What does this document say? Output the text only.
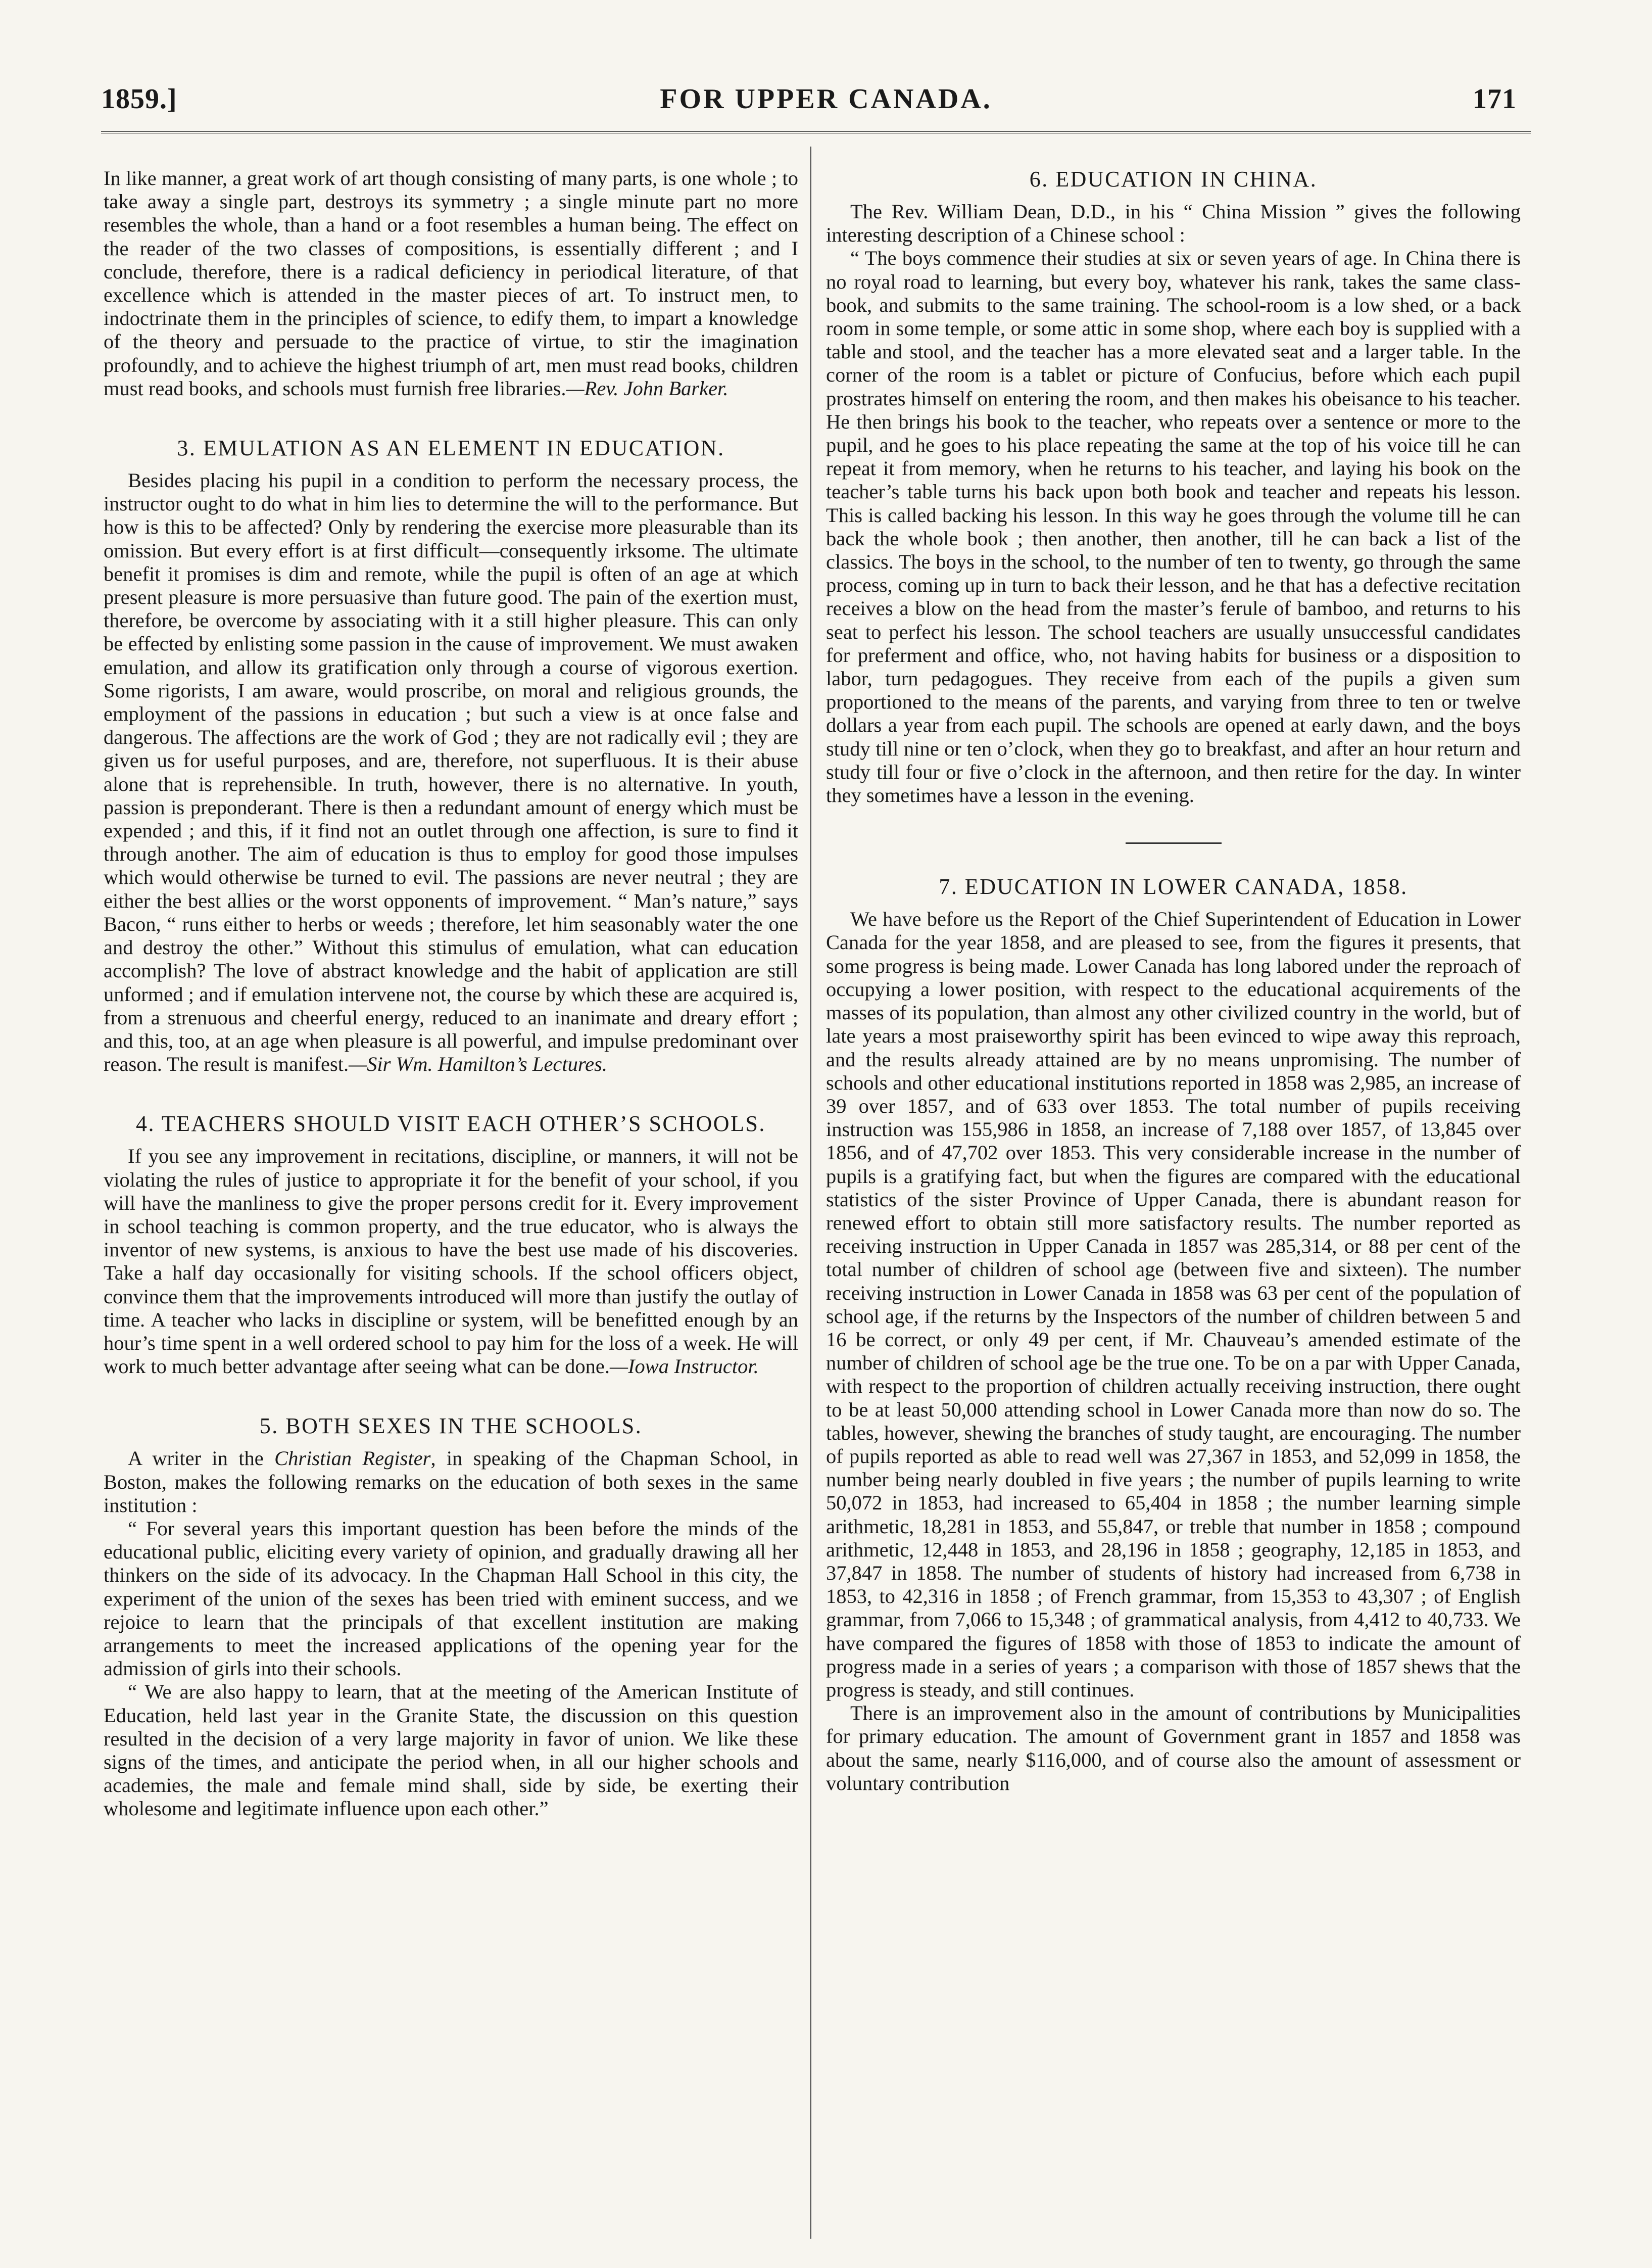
1859.]	FOR UPPER CANADA.	171

In like manner, a great work of art though consisting of many parts, is one whole ; to take away a single part, destroys its symmetry ; a single minute part no more resembles the whole, than a hand or a foot resembles a human being. The effect on the reader of the two classes of compositions, is essentially different ; and I conclude, therefore, there is a radical deficiency in periodical literature, of that excellence which is attended in the master pieces of art. To instruct men, to indoctrinate them in the principles of science, to edify them, to impart a knowledge of the theory and persuade to the practice of virtue, to stir the imagination profoundly, and to achieve the highest triumph of art, men must read books, children must read books, and schools must furnish free libraries.—Rev. John Barker.

3. EMULATION AS AN ELEMENT IN EDUCATION.

Besides placing his pupil in a condition to perform the necessary process, the instructor ought to do what in him lies to determine the will to the performance. But how is this to be affected? Only by rendering the exercise more pleasurable than its omission. But every effort is at first difficult—consequently irksome. The ultimate benefit it promises is dim and remote, while the pupil is often of an age at which present pleasure is more persuasive than future good. The pain of the exertion must, therefore, be overcome by associating with it a still higher pleasure. This can only be effected by enlisting some passion in the cause of improvement. We must awaken emulation, and allow its gratification only through a course of vigorous exertion. Some rigorists, I am aware, would proscribe, on moral and religious grounds, the employment of the passions in education ; but such a view is at once false and dangerous. The affections are the work of God ; they are not radically evil ; they are given us for useful purposes, and are, therefore, not superfluous. It is their abuse alone that is reprehensible. In truth, however, there is no alternative. In youth, passion is preponderant. There is then a redundant amount of energy which must be expended ; and this, if it find not an outlet through one affection, is sure to find it through another. The aim of education is thus to employ for good those impulses which would otherwise be turned to evil. The passions are never neutral ; they are either the best allies or the worst opponents of improvement. “ Man’s nature,” says Bacon, “ runs either to herbs or weeds ; therefore, let him seasonably water the one and destroy the other.” Without this stimulus of emulation, what can education accomplish? The love of abstract knowledge and the habit of application are still unformed ; and if emulation intervene not, the course by which these are acquired is, from a strenuous and cheerful energy, reduced to an inanimate and dreary effort ; and this, too, at an age when pleasure is all powerful, and impulse predominant over reason. The result is manifest.—Sir Wm. Hamilton’s Lectures.

4. TEACHERS SHOULD VISIT EACH OTHER’S SCHOOLS.

If you see any improvement in recitations, discipline, or manners, it will not be violating the rules of justice to appropriate it for the benefit of your school, if you will have the manliness to give the proper persons credit for it. Every improvement in school teaching is common property, and the true educator, who is always the inventor of new systems, is anxious to have the best use made of his discoveries. Take a half day occasionally for visiting schools. If the school officers object, convince them that the improvements introduced will more than justify the outlay of time. A teacher who lacks in discipline or system, will be benefitted enough by an hour’s time spent in a well ordered school to pay him for the loss of a week. He will work to much better advantage after seeing what can be done.—Iowa Instructor.

5. BOTH SEXES IN THE SCHOOLS.

A writer in the Christian Register, in speaking of the Chapman School, in Boston, makes the following remarks on the education of both sexes in the same institution :

“ For several years this important question has been before the minds of the educational public, eliciting every variety of opinion, and gradually drawing all her thinkers on the side of its advocacy. In the Chapman Hall School in this city, the experiment of the union of the sexes has been tried with eminent success, and we rejoice to learn that the principals of that excellent institution are making arrangements to meet the increased applications of the opening year for the admission of girls into their schools.

“ We are also happy to learn, that at the meeting of the American Institute of Education, held last year in the Granite State, the discussion on this question resulted in the decision of a very large majority in favor of union. We like these signs of the times, and anticipate the period when, in all our higher schools and academies, the male and female mind shall, side by side, be exerting their wholesome and legitimate influence upon each other.”

6. EDUCATION IN CHINA.

The Rev. William Dean, D.D., in his “ China Mission ” gives the following interesting description of a Chinese school :

“ The boys commence their studies at six or seven years of age. In China there is no royal road to learning, but every boy, whatever his rank, takes the same class-book, and submits to the same training. The school-room is a low shed, or a back room in some temple, or some attic in some shop, where each boy is supplied with a table and stool, and the teacher has a more elevated seat and a larger table. In the corner of the room is a tablet or picture of Confucius, before which each pupil prostrates himself on entering the room, and then makes his obeisance to his teacher. He then brings his book to the teacher, who repeats over a sentence or more to the pupil, and he goes to his place repeating the same at the top of his voice till he can repeat it from memory, when he returns to his teacher, and laying his book on the teacher’s table turns his back upon both book and teacher and repeats his lesson. This is called backing his lesson. In this way he goes through the volume till he can back the whole book ; then another, then another, till he can back a list of the classics. The boys in the school, to the number of ten to twenty, go through the same process, coming up in turn to back their lesson, and he that has a defective recitation receives a blow on the head from the master’s ferule of bamboo, and returns to his seat to perfect his lesson. The school teachers are usually unsuccessful candidates for preferment and office, who, not having habits for business or a disposition to labor, turn pedagogues. They receive from each of the pupils a given sum proportioned to the means of the parents, and varying from three to ten or twelve dollars a year from each pupil. The schools are opened at early dawn, and the boys study till nine or ten o’clock, when they go to breakfast, and after an hour return and study till four or five o’clock in the afternoon, and then retire for the day. In winter they sometimes have a lesson in the evening.

7. EDUCATION IN LOWER CANADA, 1858.

We have before us the Report of the Chief Superintendent of Education in Lower Canada for the year 1858, and are pleased to see, from the figures it presents, that some progress is being made. Lower Canada has long labored under the reproach of occupying a lower position, with respect to the educational acquirements of the masses of its population, than almost any other civilized country in the world, but of late years a most praiseworthy spirit has been evinced to wipe away this reproach, and the results already attained are by no means unpromising. The number of schools and other educational institutions reported in 1858 was 2,985, an increase of 39 over 1857, and of 633 over 1853. The total number of pupils receiving instruction was 155,986 in 1858, an increase of 7,188 over 1857, of 13,845 over 1856, and of 47,702 over 1853. This very considerable increase in the number of pupils is a gratifying fact, but when the figures are compared with the educational statistics of the sister Province of Upper Canada, there is abundant reason for renewed effort to obtain still more satisfactory results. The number reported as receiving instruction in Upper Canada in 1857 was 285,314, or 88 per cent of the total number of children of school age (between five and sixteen). The number receiving instruction in Lower Canada in 1858 was 63 per cent of the population of school age, if the returns by the Inspectors of the number of children between 5 and 16 be correct, or only 49 per cent, if Mr. Chauveau’s amended estimate of the number of children of school age be the true one. To be on a par with Upper Canada, with respect to the proportion of children actually receiving instruction, there ought to be at least 50,000 attending school in Lower Canada more than now do so. The tables, however, shewing the branches of study taught, are encouraging. The number of pupils reported as able to read well was 27,367 in 1853, and 52,099 in 1858, the number being nearly doubled in five years ; the number of pupils learning to write 50,072 in 1853, had increased to 65,404 in 1858 ; the number learning simple arithmetic, 18,281 in 1853, and 55,847, or treble that number in 1858 ; compound arithmetic, 12,448 in 1853, and 28,196 in 1858 ; geography, 12,185 in 1853, and 37,847 in 1858. The number of students of history had increased from 6,738 in 1853, to 42,316 in 1858 ; of French grammar, from 15,353 to 43,307 ; of English grammar, from 7,066 to 15,348 ; of grammatical analysis, from 4,412 to 40,733. We have compared the figures of 1858 with those of 1853 to indicate the amount of progress made in a series of years ; a comparison with those of 1857 shews that the progress is steady, and still continues.

There is an improvement also in the amount of contributions by Municipalities for primary education. The amount of Government grant in 1857 and 1858 was about the same, nearly $116,000, and of course also the amount of assessment or voluntary contribution
